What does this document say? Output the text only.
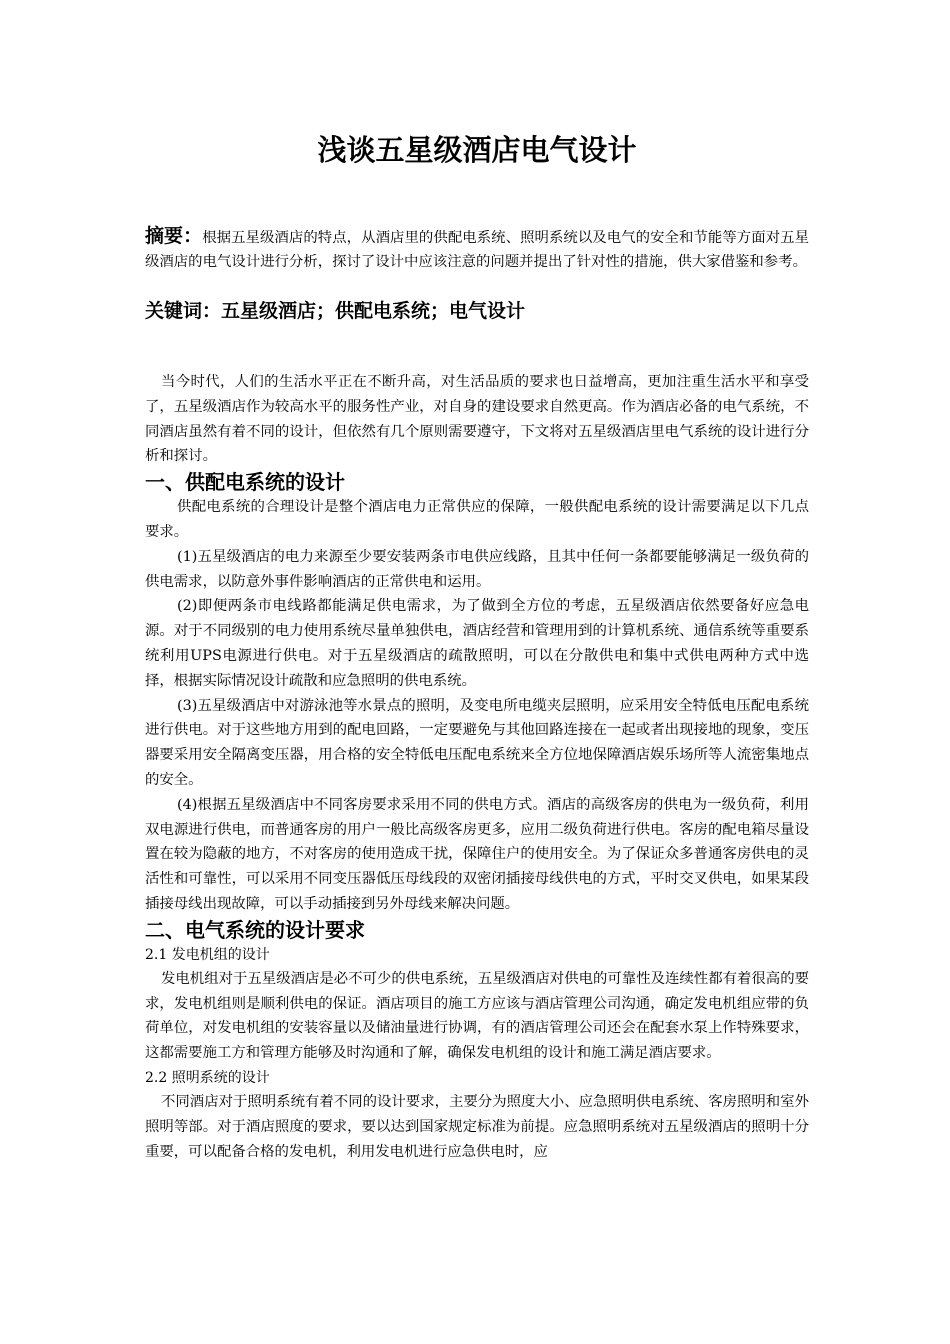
浅谈五星级酒店电气设计
摘要：根据五星级酒店的特点，从酒店里的供配电系统、照明系统以及电气的安全和节能等方面对五星级酒店的电气设计进行分析，探讨了设计中应该注意的问题并提出了针对性的措施，供大家借鉴和参考。
关键词：五星级酒店；供配电系统；电气设计

当今时代，人们的生活水平正在不断升高，对生活品质的要求也日益增高，更加注重生活水平和享受了，五星级酒店作为较高水平的服务性产业，对自身的建设要求自然更高。作为酒店必备的电气系统，不同酒店虽然有着不同的设计，但依然有几个原则需要遵守，下文将对五星级酒店里电气系统的设计进行分析和探讨。

一、供配电系统的设计

供配电系统的合理设计是整个酒店电力正常供应的保障，一般供配电系统的设计需要满足以下几点要求。

(1)五星级酒店的电力来源至少要安装两条市电供应线路，且其中任何一条都要能够满足一级负荷的供电需求，以防意外事件影响酒店的正常供电和运用。

(2)即便两条市电线路都能满足供电需求，为了做到全方位的考虑，五星级酒店依然要备好应急电源。对于不同级别的电力使用系统尽量单独供电，酒店经营和管理用到的计算机系统、通信系统等重要系统利用UPS电源进行供电。对于五星级酒店的疏散照明，可以在分散供电和集中式供电两种方式中选择，根据实际情况设计疏散和应急照明的供电系统。

(3)五星级酒店中对游泳池等水景点的照明，及变电所电缆夹层照明，应采用安全特低电压配电系统进行供电。对于这些地方用到的配电回路，一定要避免与其他回路连接在一起或者出现接地的现象，变压器要采用安全隔离变压器，用合格的安全特低电压配电系统来全方位地保障酒店娱乐场所等人流密集地点的安全。

(4)根据五星级酒店中不同客房要求采用不同的供电方式。酒店的高级客房的供电为一级负荷，利用双电源进行供电，而普通客房的用户一般比高级客房更多，应用二级负荷进行供电。客房的配电箱尽量设置在较为隐蔽的地方，不对客房的使用造成干扰，保障住户的使用安全。为了保证众多普通客房供电的灵活性和可靠性，可以采用不同变压器低压母线段的双密闭插接母线供电的方式，平时交叉供电，如果某段插接母线出现故障，可以手动插接到另外母线来解决问题。

二、电气系统的设计要求
2.1 发电机组的设计

发电机组对于五星级酒店是必不可少的供电系统，五星级酒店对供电的可靠性及连续性都有着很高的要求，发电机组则是顺利供电的保证。酒店项目的施工方应该与酒店管理公司沟通，确定发电机组应带的负荷单位，对发电机组的安装容量以及储油量进行协调，有的酒店管理公司还会在配套水泵上作特殊要求，这都需要施工方和管理方能够及时沟通和了解，确保发电机组的设计和施工满足酒店要求。

2.2 照明系统的设计

不同酒店对于照明系统有着不同的设计要求，主要分为照度大小、应急照明供电系统、客房照明和室外照明等部。对于酒店照度的要求，要以达到国家规定标准为前提。应急照明系统对五星级酒店的照明十分重要，可以配备合格的发电机，利用发电机进行应急供电时，应
